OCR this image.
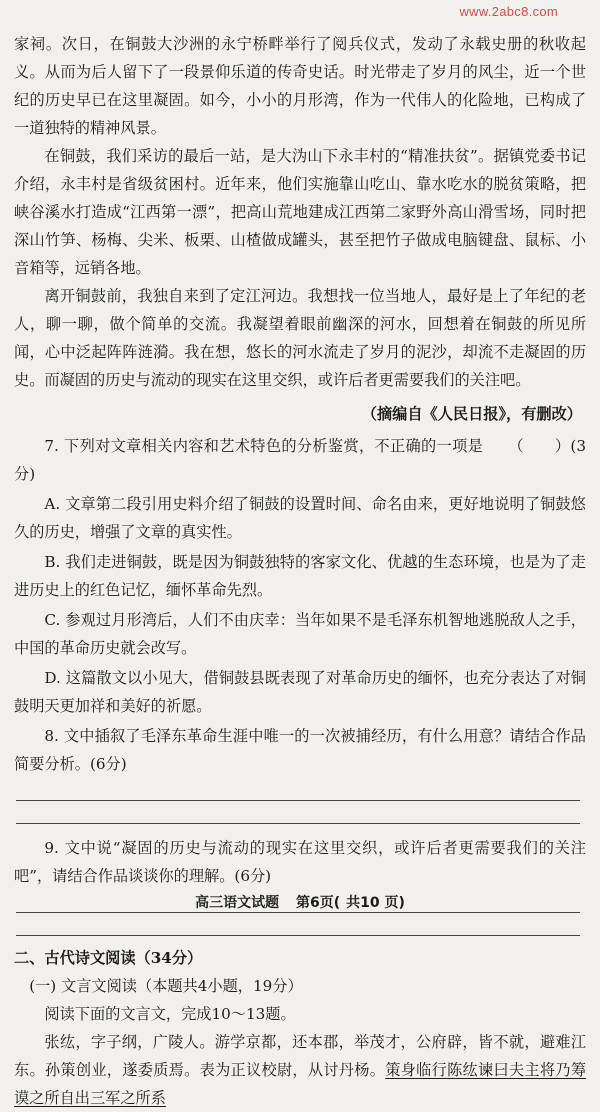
www.2abc8.com

家祠。次日，在铜鼓大沙洲的永宁桥畔举行了阅兵仪式，发动了永载史册的秋收起义。从而为后人留下了一段景仰乐道的传奇史话。时光带走了岁月的风尘，近一个世纪的历史早已在这里凝固。如今，小小的月形湾，作为一代伟人的化险地，已构成了一道独特的精神风景。

在铜鼓，我们采访的最后一站，是大沩山下永丰村的“精准扶贫”。据镇党委书记介绍，永丰村是省级贫困村。近年来，他们实施靠山吃山、靠水吃水的脱贫策略，把峡谷溪水打造成“江西第一漂”，把高山荒地建成江西第二家野外高山滑雪场，同时把深山竹笋、杨梅、尖米、板栗、山楂做成罐头，甚至把竹子做成电脑键盘、鼠标、小音箱等，远销各地。

离开铜鼓前，我独自来到了定江河边。我想找一位当地人，最好是上了年纪的老人，聊一聊，做个简单的交流。我凝望着眼前幽深的河水，回想着在铜鼓的所见所闻，心中泛起阵阵涟漪。我在想，悠长的河水流走了岁月的泥沙，却流不走凝固的历史。而凝固的历史与流动的现实在这里交织，或许后者更需要我们的关注吧。

（摘编自《人民日报》，有删改）

7. 下列对文章相关内容和艺术特色的分析鉴赏，不正确的一项是 （　　）(3分)

A. 文章第二段引用史料介绍了铜鼓的设置时间、命名由来，更好地说明了铜鼓悠久的历史，增强了文章的真实性。

B. 我们走进铜鼓，既是因为铜鼓独特的客家文化、优越的生态环境，也是为了走进历史上的红色记忆，缅怀革命先烈。

C. 参观过月形湾后，人们不由庆幸：当年如果不是毛泽东机智地逃脱敌人之手，中国的革命历史就会改写。

D. 这篇散文以小见大，借铜鼓县既表现了对革命历史的缅怀，也充分表达了对铜鼓明天更加祥和美好的祈愿。

8. 文中插叙了毛泽东革命生涯中唯一的一次被捕经历，有什么用意？请结合作品简要分析。(6分)

9. 文中说“凝固的历史与流动的现实在这里交织，或许后者更需要我们的关注吧”，请结合作品谈谈你的理解。(6分)

二、古代诗文阅读（34分）

(一) 文言文阅读（本题共4小题，19分）

阅读下面的文言文，完成10～13题。

张纮，字子纲，广陵人。游学京都，还本郡，举茂才，公府辟，皆不就，避难江东。孙策创业，遂委质焉。表为正议校尉，从讨丹杨。策身临行陈纮谏曰夫主将乃筹谟之所自出三军之所系

高三语文试题 第6页( 共10 页)
